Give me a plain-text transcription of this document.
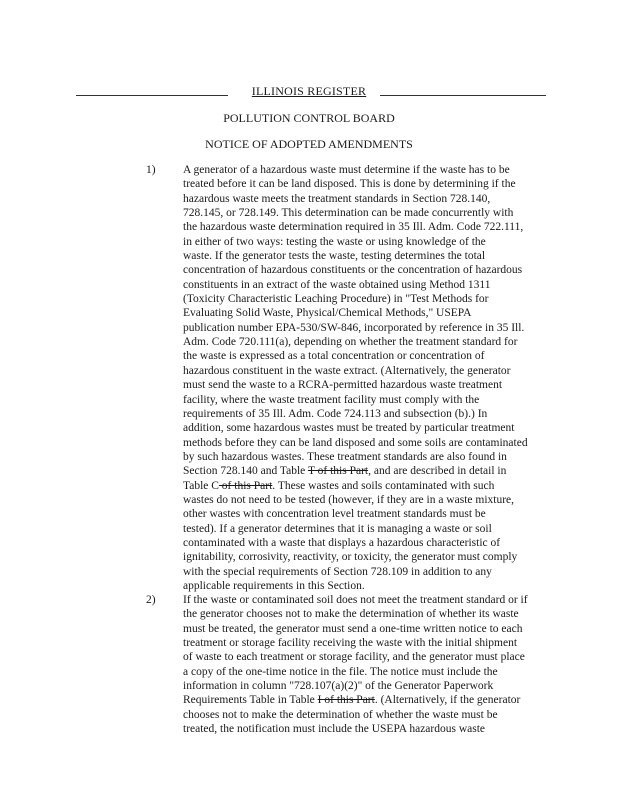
ILLINOIS REGISTER
POLLUTION CONTROL BOARD
NOTICE OF ADOPTED AMENDMENTS
1) A generator of a hazardous waste must determine if the waste has to be
treated before it can be land disposed. This is done by determining if the
hazardous waste meets the treatment standards in Section 728.140,
728.145, or 728.149. This determination can be made concurrently with
the hazardous waste determination required in 35 Ill. Adm. Code 722.111,
in either of two ways: testing the waste or using knowledge of the
waste. If the generator tests the waste, testing determines the total
concentration of hazardous constituents or the concentration of hazardous
constituents in an extract of the waste obtained using Method 1311
(Toxicity Characteristic Leaching Procedure) in "Test Methods for
Evaluating Solid Waste, Physical/Chemical Methods," USEPA
publication number EPA-530/SW-846, incorporated by reference in 35 Ill.
Adm. Code 720.111(a), depending on whether the treatment standard for
the waste is expressed as a total concentration or concentration of
hazardous constituent in the waste extract. (Alternatively, the generator
must send the waste to a RCRA-permitted hazardous waste treatment
facility, where the waste treatment facility must comply with the
requirements of 35 Ill. Adm. Code 724.113 and subsection (b).) In
addition, some hazardous wastes must be treated by particular treatment
methods before they can be land disposed and some soils are contaminated
by such hazardous wastes. These treatment standards are also found in
Section 728.140 and Table T of this Part, and are described in detail in
Table C of this Part. These wastes and soils contaminated with such
wastes do not need to be tested (however, if they are in a waste mixture,
other wastes with concentration level treatment standards must be
tested). If a generator determines that it is managing a waste or soil
contaminated with a waste that displays a hazardous characteristic of
ignitability, corrosivity, reactivity, or toxicity, the generator must comply
with the special requirements of Section 728.109 in addition to any
applicable requirements in this Section.
2) If the waste or contaminated soil does not meet the treatment standard or if
the generator chooses not to make the determination of whether its waste
must be treated, the generator must send a one-time written notice to each
treatment or storage facility receiving the waste with the initial shipment
of waste to each treatment or storage facility, and the generator must place
a copy of the one-time notice in the file. The notice must include the
information in column "728.107(a)(2)" of the Generator Paperwork
Requirements Table in Table I of this Part. (Alternatively, if the generator
chooses not to make the determination of whether the waste must be
treated, the notification must include the USEPA hazardous waste
